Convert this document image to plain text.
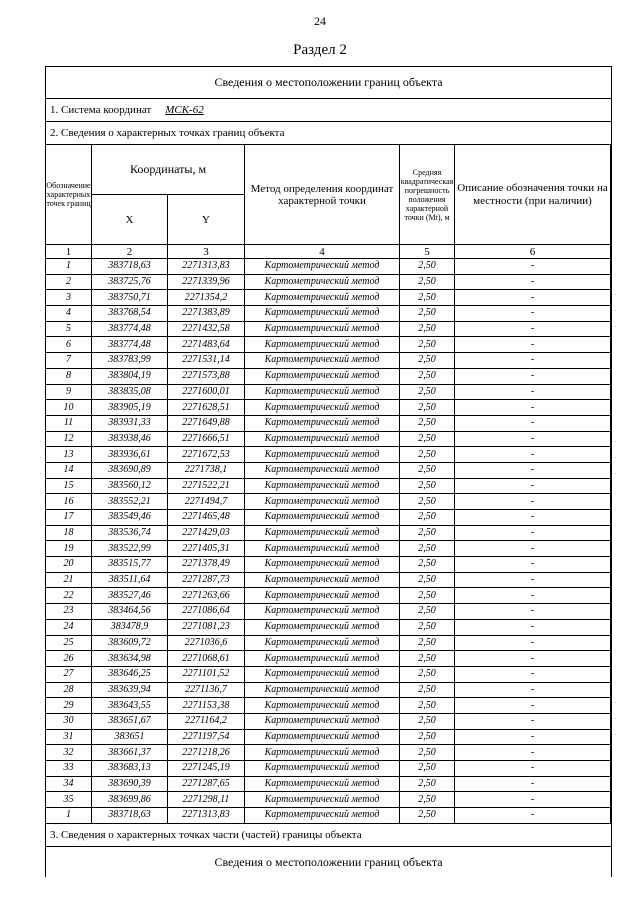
24
Раздел 2
Сведения о местоположении границ объекта
1. Система координат МСК-62
2. Сведения о характерных точках границ объекта
Обозначение характерных точек границ	Координаты, м		Метод определения координат характерной точки	Средняя квадратическая погрешность положения характерной точки (Mt), м	Описание обозначения точки на местности (при наличии)
	X	Y			
1	2	3	4	5	6
1	383718,63	2271313,83	Картометрический метод	2,50	-
2	383725,76	2271339,96	Картометрический метод	2,50	-
3	383750,71	2271354,2	Картометрический метод	2,50	-
4	383768,54	2271383,89	Картометрический метод	2,50	-
5	383774,48	2271432,58	Картометрический метод	2,50	-
6	383774,48	2271483,64	Картометрический метод	2,50	-
7	383783,99	2271531,14	Картометрический метод	2,50	-
8	383804,19	2271573,88	Картометрический метод	2,50	-
9	383835,08	2271600,01	Картометрический метод	2,50	-
10	383905,19	2271628,51	Картометрический метод	2,50	-
11	383931,33	2271649,88	Картометрический метод	2,50	-
12	383938,46	2271666,51	Картометрический метод	2,50	-
13	383936,61	2271672,53	Картометрический метод	2,50	-
14	383690,89	2271738,1	Картометрический метод	2,50	-
15	383560,12	2271522,21	Картометрический метод	2,50	-
16	383552,21	2271494,7	Картометрический метод	2,50	-
17	383549,46	2271465,48	Картометрический метод	2,50	-
18	383536,74	2271429,03	Картометрический метод	2,50	-
19	383522,99	2271405,31	Картометрический метод	2,50	-
20	383515,77	2271378,49	Картометрический метод	2,50	-
21	383511,64	2271287,73	Картометрический метод	2,50	-
22	383527,46	2271263,66	Картометрический метод	2,50	-
23	383464,56	2271086,64	Картометрический метод	2,50	-
24	383478,9	2271081,23	Картометрический метод	2,50	-
25	383609,72	2271036,6	Картометрический метод	2,50	-
26	383634,98	2271068,61	Картометрический метод	2,50	-
27	383646,25	2271101,52	Картометрический метод	2,50	-
28	383639,94	2271136,7	Картометрический метод	2,50	-
29	383643,55	2271153,38	Картометрический метод	2,50	-
30	383651,67	2271164,2	Картометрический метод	2,50	-
31	383651	2271197,54	Картометрический метод	2,50	-
32	383661,37	2271218,26	Картометрический метод	2,50	-
33	383683,13	2271245,19	Картометрический метод	2,50	-
34	383690,39	2271287,65	Картометрический метод	2,50	-
35	383699,86	2271298,11	Картометрический метод	2,50	-
1	383718,63	2271313,83	Картометрический метод	2,50	-
3. Сведения о характерных точках части (частей) границы объекта
Сведения о местоположении границ объекта
